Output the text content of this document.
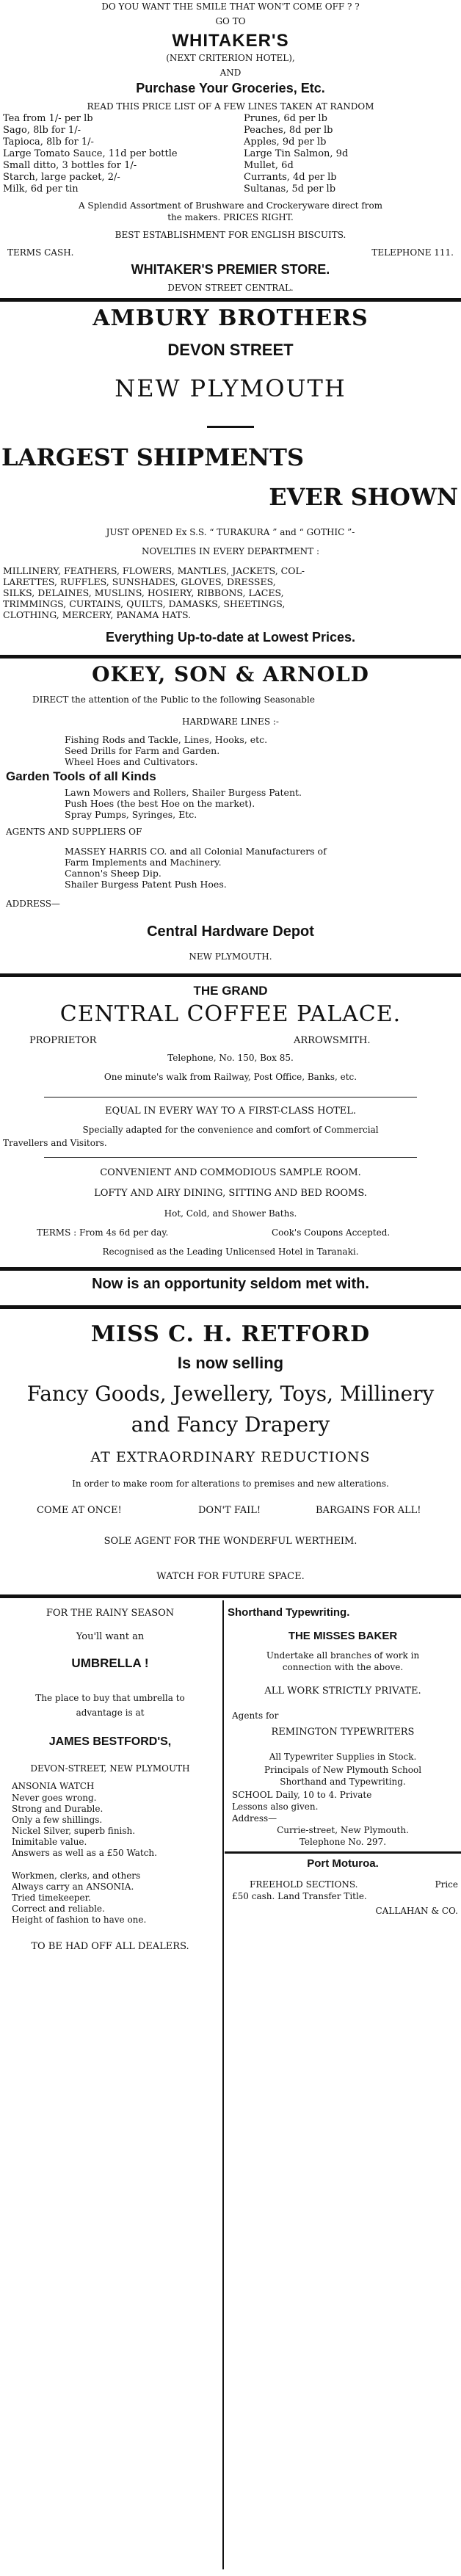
DO YOU WANT THE SMILE THAT WON'T COME OFF ? ?
GO TO
WHITAKER'S
(NEXT CRITERION HOTEL),
AND
Purchase Your Groceries, Etc.
READ THIS PRICE LIST OF A FEW LINES TAKEN AT RANDOM
Tea from 1/- per lb
Sago, 8lb for 1/-
Tapioca, 8lb for 1/-
Large Tomato Sauce, 11d per bottle
Small ditto, 3 bottles for 1/-
Starch, large packet, 2/-
Milk, 6d per tin
Prunes, 6d per lb
Peaches, 8d per lb
Apples, 9d per lb
Large Tin Salmon, 9d
Mullet, 6d
Currants, 4d per lb
Sultanas, 5d per lb
A Splendid Assortment of Brushware and Crockeryware direct from
the makers. PRICES RIGHT.
BEST ESTABLISHMENT FOR ENGLISH BISCUITS.
TERMS CASH.	TELEPHONE 111.
WHITAKER'S PREMIER STORE.
DEVON STREET CENTRAL.
AMBURY BROTHERS
DEVON STREET
NEW PLYMOUTH
LARGEST SHIPMENTS
EVER SHOWN
JUST OPENED Ex S.S. “ TURAKURA ” and “ GOTHIC ”-
NOVELTIES IN EVERY DEPARTMENT :
MILLINERY, FEATHERS, FLOWERS, MANTLES, JACKETS, COL-
LARETTES, RUFFLES, SUNSHADES, GLOVES, DRESSES,
SILKS, DELAINES, MUSLINS, HOSIERY, RIBBONS, LACES,
TRIMMINGS, CURTAINS, QUILTS, DAMASKS, SHEETINGS,
CLOTHING, MERCERY, PANAMA HATS.
Everything Up-to-date at Lowest Prices.
OKEY, SON & ARNOLD
DIRECT the attention of the Public to the following Seasonable
HARDWARE LINES :-
Fishing Rods and Tackle, Lines, Hooks, etc.
Seed Drills for Farm and Garden.
Wheel Hoes and Cultivators.
Garden Tools of all Kinds
Lawn Mowers and Rollers, Shailer Burgess Patent.
Push Hoes (the best Hoe on the market).
Spray Pumps, Syringes, Etc.
AGENTS AND SUPPLIERS OF
MASSEY HARRIS CO. and all Colonial Manufacturers of
Farm Implements and Machinery.
Cannon's Sheep Dip.
Shailer Burgess Patent Push Hoes.
ADDRESS—
Central Hardware Depot
NEW PLYMOUTH.
THE GRAND
CENTRAL COFFEE PALACE.
PROPRIETOR	ARROWSMITH.
Telephone, No. 150, Box 85.
One minute's walk from Railway, Post Office, Banks, etc.
EQUAL IN EVERY WAY TO A FIRST-CLASS HOTEL.
Specially adapted for the convenience and comfort of Commercial
Travellers and Visitors.
CONVENIENT AND COMMODIOUS SAMPLE ROOM.
LOFTY AND AIRY DINING, SITTING AND BED ROOMS.
Hot, Cold, and Shower Baths.
TERMS : From 4s 6d per day.	Cook's Coupons Accepted.
Recognised as the Leading Unlicensed Hotel in Taranaki.
Now is an opportunity seldom met with.
MISS C. H. RETFORD
Is now selling
Fancy Goods, Jewellery, Toys, Millinery
and Fancy Drapery
AT EXTRAORDINARY REDUCTIONS
In order to make room for alterations to premises and new alterations.
COME AT ONCE!	DON'T FAIL!	BARGAINS FOR ALL!
SOLE AGENT FOR THE WONDERFUL WERTHEIM.
WATCH FOR FUTURE SPACE.
FOR THE RAINY SEASON
You'll want an
UMBRELLA !
The place to buy that umbrella to
advantage is at
JAMES BESTFORD'S,
DEVON-STREET, NEW PLYMOUTH
ANSONIA WATCH
Never goes wrong.
Strong and Durable.
Only a few shillings.
Nickel Silver, superb finish.
Inimitable value.
Answers as well as a £50 Watch.
Workmen, clerks, and others
Always carry an ANSONIA.
Tried timekeeper.
Correct and reliable.
Height of fashion to have one.
TO BE HAD OFF ALL DEALERS.
Shorthand Typewriting.
THE MISSES BAKER
Undertake all branches of work in
connection with the above.
ALL WORK STRICTLY PRIVATE.
Agents for
REMINGTON TYPEWRITERS
All Typewriter Supplies in Stock.
Principals of New Plymouth School
Shorthand and Typewriting.
SCHOOL Daily, 10 to 4. Private
Lessons also given.
Address—
Currie-street, New Plymouth.
Telephone No. 297.
Port Moturoa.
FREEHOLD SECTIONS.	Price
£50 cash. Land Transfer Title.
CALLAHAN & CO.
